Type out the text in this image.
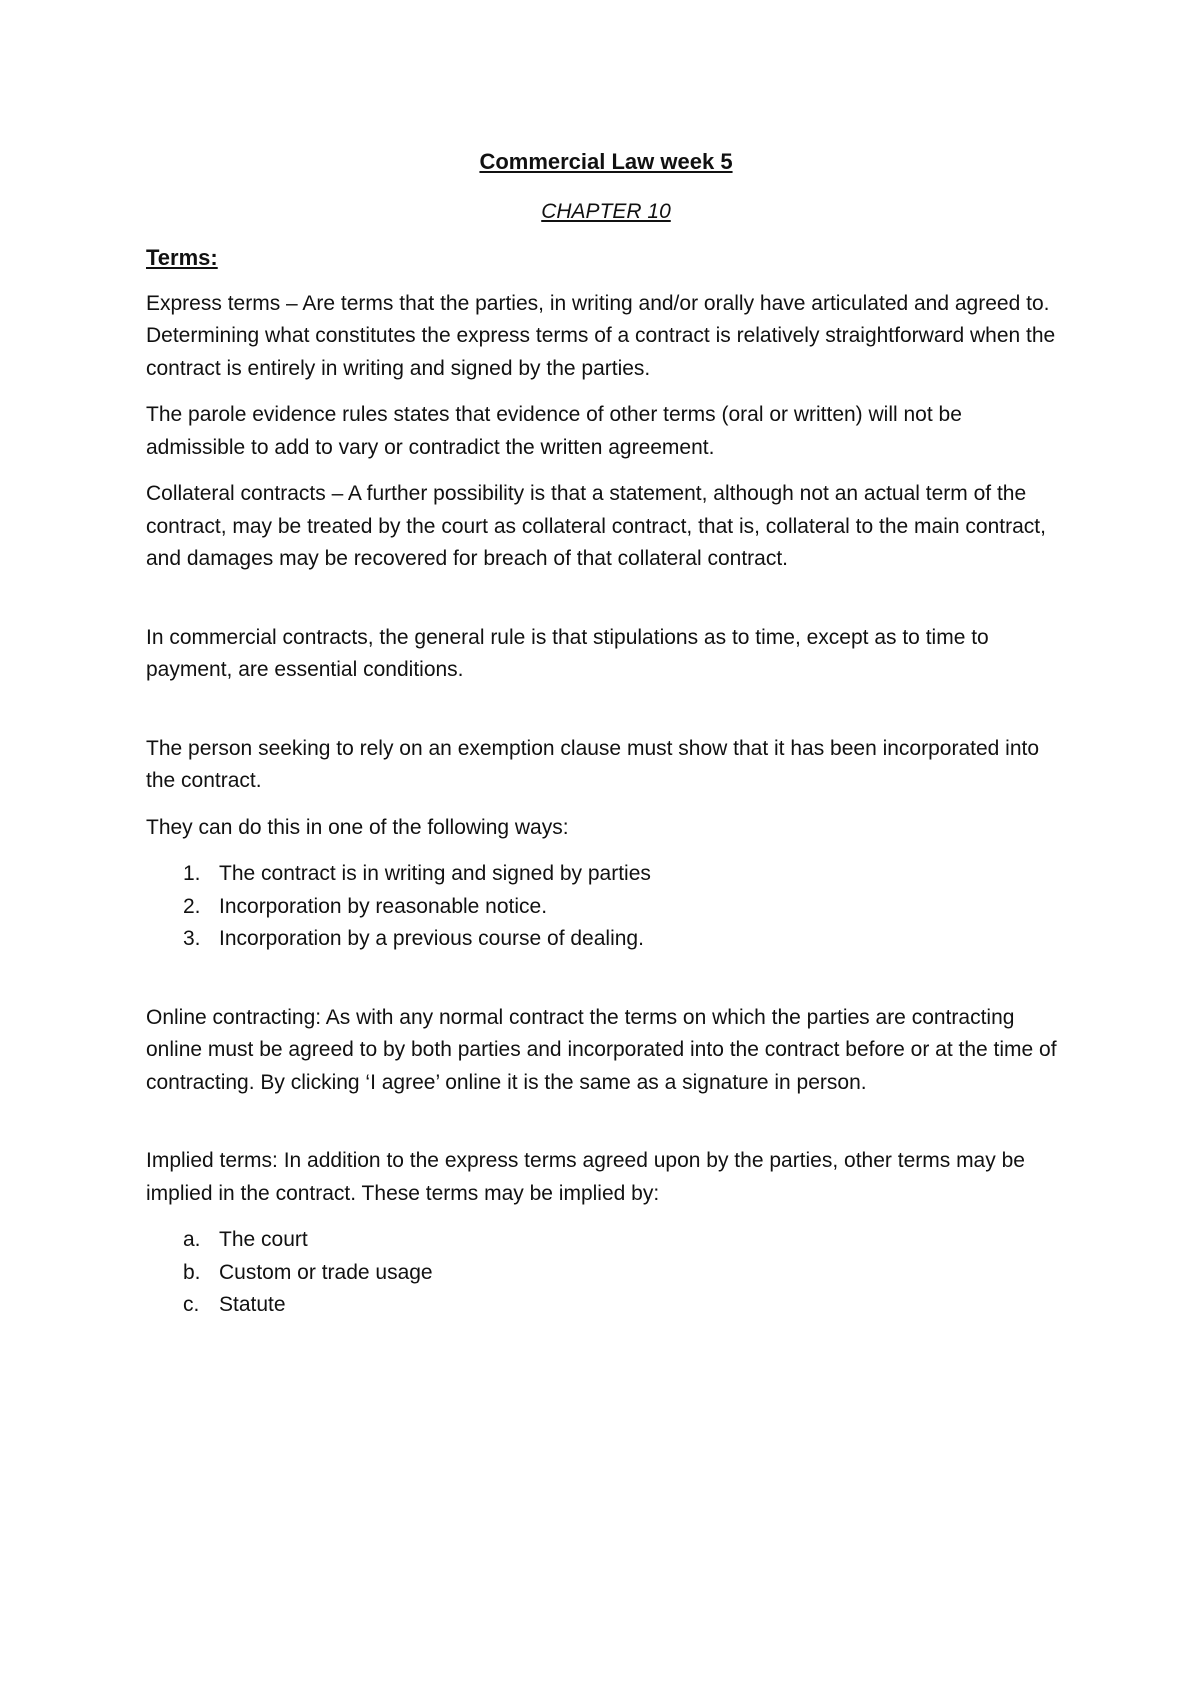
Commercial Law week 5
CHAPTER 10
Terms:

Express terms – Are terms that the parties, in writing and/or orally have articulated and agreed to. Determining what constitutes the express terms of a contract is relatively straightforward when the contract is entirely in writing and signed by the parties.

The parole evidence rules states that evidence of other terms (oral or written) will not be admissible to add to vary or contradict the written agreement.

Collateral contracts – A further possibility is that a statement, although not an actual term of the contract, may be treated by the court as collateral contract, that is, collateral to the main contract, and damages may be recovered for breach of that collateral contract.

In commercial contracts, the general rule is that stipulations as to time, except as to time to payment, are essential conditions.

The person seeking to rely on an exemption clause must show that it has been incorporated into the contract.

They can do this in one of the following ways:

1. The contract is in writing and signed by parties
2. Incorporation by reasonable notice.
3. Incorporation by a previous course of dealing.

Online contracting: As with any normal contract the terms on which the parties are contracting online must be agreed to by both parties and incorporated into the contract before or at the time of contracting. By clicking ‘I agree’ online it is the same as a signature in person.

Implied terms: In addition to the express terms agreed upon by the parties, other terms may be implied in the contract. These terms may be implied by:

a. The court
b. Custom or trade usage
c. Statute
